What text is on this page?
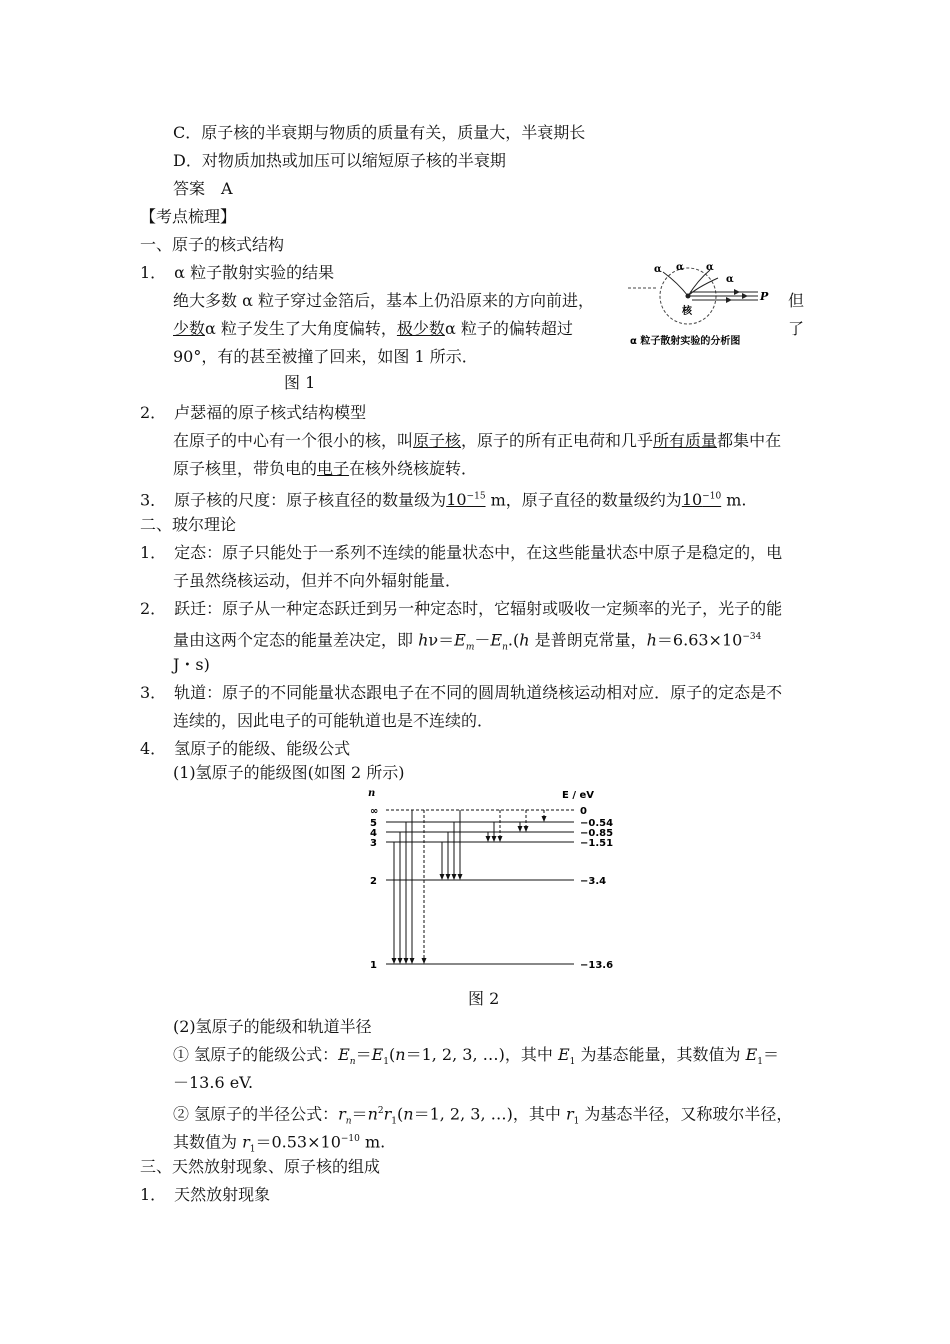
C．原子核的半衰期与物质的质量有关，质量大，半衰期长
D．对物质加热或加压可以缩短原子核的半衰期
答案　A
【考点梳理】
一、原子的核式结构
1．　α 粒子散射实验的结果
绝大多数 α 粒子穿过金箔后，基本上仍沿原来的方向前进，	但
少数α 粒子发生了大角度偏转，极少数α 粒子的偏转超过	了
90°，有的甚至被撞了回来，如图 1 所示．
图 1
核
P
α α α
α
α 粒子散射实验的分析图
2．　卢瑟福的原子核式结构模型
在原子的中心有一个很小的核，叫原子核，原子的所有正电荷和几乎所有质量都集中在
原子核里，带负电的电子在核外绕核旋转．
3．　原子核的尺度：原子核直径的数量级为$10^{-15}$ m，原子直径的数量级约为$10^{-10}$ m.
二、玻尔理论
1．　定态：原子只能处于一系列不连续的能量状态中，在这些能量状态中原子是稳定的，电
子虽然绕核运动，但并不向外辐射能量．
2．　跃迁：原子从一种定态跃迁到另一种定态时，它辐射或吸收一定频率的光子，光子的能
量由这两个定态的能量差决定，即 $h\nu=E_m-E_n.(h$ 是普朗克常量，$h=6.63\times 10^{-34}$
J・s)
3．　轨道：原子的不同能量状态跟电子在不同的圆周轨道绕核运动相对应．原子的定态是不
连续的，因此电子的可能轨道也是不连续的．
4．　氢原子的能级、能级公式
(1)氢原子的能级图(如图 2 所示)
n	E / eV
∞
5
4
3
2
1
0
−0.54
−0.85
−1.51
−3.4
−13.6
图 2
(2)氢原子的能级和轨道半径
① 氢原子的能级公式：$E_n=E_1(n=1$, 2, 3, …)，其中 $E_1$ 为基态能量，其数值为 $E_1=$
－13.6 eV.
② 氢原子的半径公式：$r_n=n^2r_1(n=1$, 2, 3, …)，其中 $r_1$ 为基态半径，又称玻尔半径，
其数值为 $r_1=0.53\times 10^{-10}$ m.
三、天然放射现象、原子核的组成
1．　天然放射现象
